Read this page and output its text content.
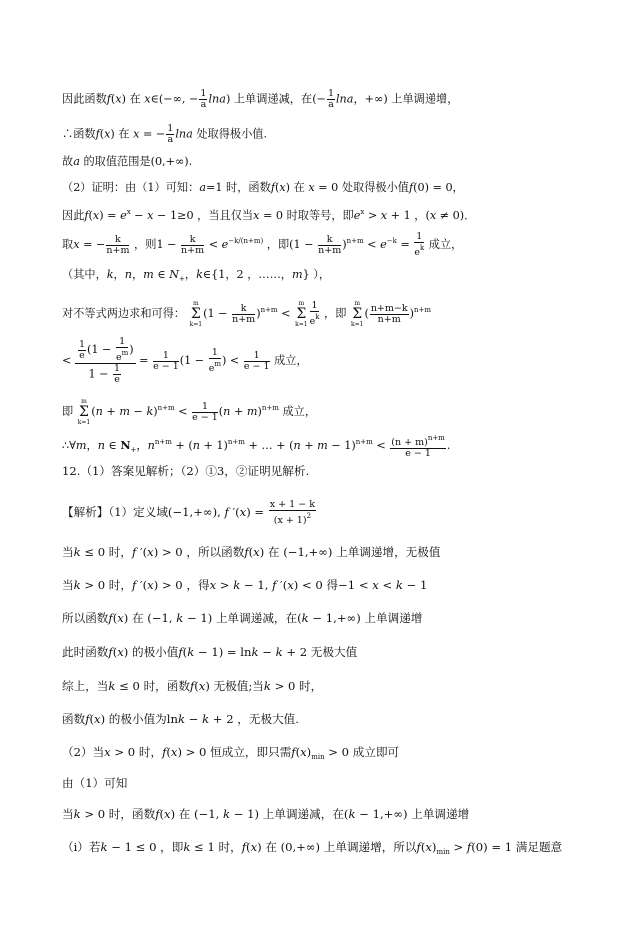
因此函数f(x) 在 x∈(−∞, − $\frac{1}{a} \ln a$) 上单调递减，在(− $\frac{1}{a}$ lna，+∞) 上单调递增，
∴函数f(x) 在 x = − $\frac{1}{a}$ lna 处取得极小值.
故a 的取值范围是(0,+∞).
（2）证明：由（1）可知：a=1 时，函数f(x) 在 x = 0 处取得极小值f(0) = 0，
因此$f(x) = e^x - x - 1\ge 0$ ，当且仅当x = 0 时取等号，即$e^x > x + 1$ ，(x ≠ 0)．
取x = − $\frac{k}{n+m}$ ，则$1 - \frac{k}{n+m} < e^{-k/(n+m)}$ ，即$(1 - \frac{k}{n+m} )^{n+m} < e^{-k} = \frac{1}{e^k}$ 成立，
（其中，k，n，m ∈ $N_+$，k∈{1，2 ，……，m} ），
对不等式两边求和可得： m
Σ
$k=1(1 - \frac{k}{n+m} )^{n+m} < m$
Σ
$k=1 \frac{1}{e^k}$ ，即 m
Σ
$k=1( \frac{n+m-k}{n+m} )^{n+m}$
< $\frac{\frac{1}{e} (1 - \frac{1}{e^m} )}{1 - \frac{1}{e}} = \frac{1}{e - 1} (1 - \frac{1}{e^m}$ ) < $\frac{1}{e - 1}$ 成立，
即 m
Σ
$k=1(n + m - k)^{n+m} < \frac{1}{e - 1} (n + m)^{n+m}$ 成立，
∴∀m，n ∈ $N_+$，$n^{n+m} + (n + 1)^{n+m}$ + … + $(n + m - 1)^{n+m} < \frac{(n + m)^{n+m}}{e - 1}$ .
12.（1）答案见解析；（2）①3，②证明见解析.
【解析】（1）定义域(−1,+∞), f $'(x) = \frac{x + 1 - k}{(x + 1)^2}$
当k ≤ 0 时，f ′(x) > 0 ，所以函数f(x) 在 (−1,+∞) 上单调递增，无极值
当k > 0 时，f ′(x) > 0 ，得x > k − 1, f ′(x) < 0 得−1 < x < k − 1
所以函数f(x) 在 (−1, k − 1) 上单调递减，在(k − 1,+∞) 上单调递增
此时函数f(x) 的极小值f(k − 1) = lnk − k + 2 无极大值
综上，当k ≤ 0 时，函数f(x) 无极值;当k > 0 时，
函数f(x) 的极小值为lnk − k + 2 ，无极大值.
（2）当x > 0 时，f(x) > 0 恒成立，即只需$f(x)_{min} > 0$ 成立即可
由（1）可知
当k > 0 时，函数f(x) 在 (−1, k − 1) 上单调递减，在(k − 1,+∞) 上单调递增
（i）若k − 1 ≤ 0 ，即k ≤ 1 时，f(x) 在 (0,+∞) 上单调递增，所以$f(x)_{min} > f(0) = 1$ 满足题意
